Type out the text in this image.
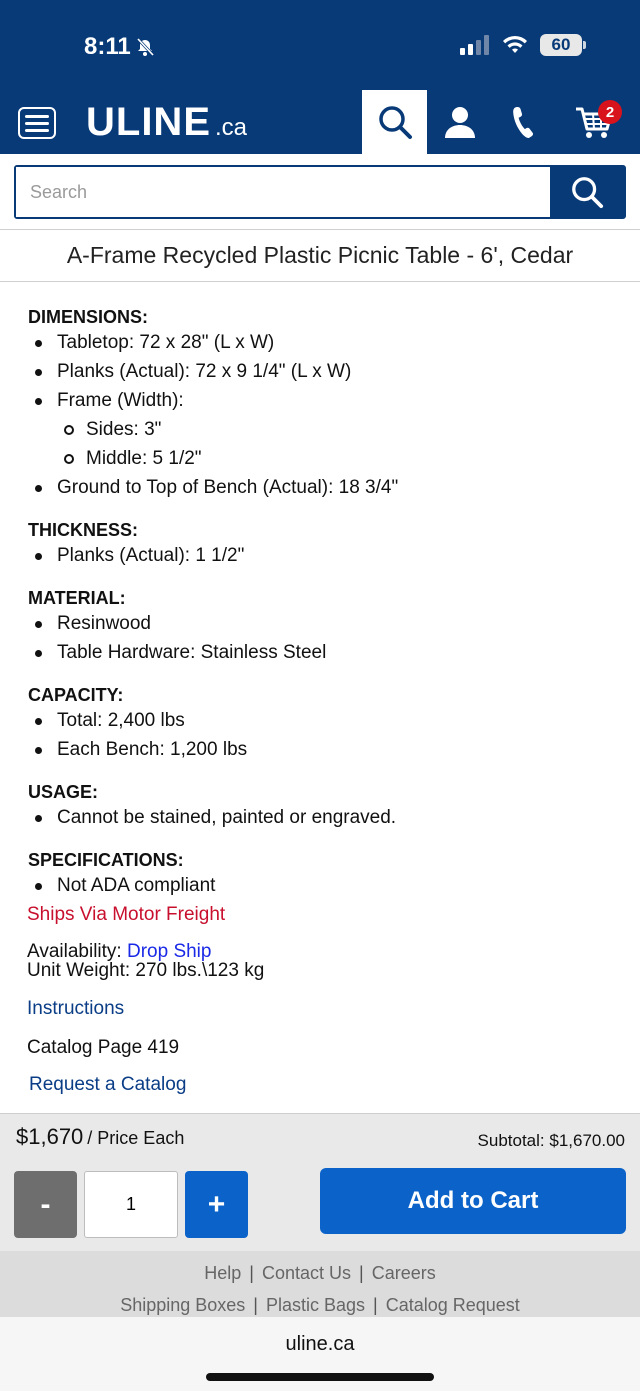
8:11	60
ULINE .ca
2
Search
A-Frame Recycled Plastic Picnic Table - 6', Cedar
DIMENSIONS:
Tabletop: 72 x 28" (L x W)
Planks (Actual): 72 x 9 1/4" (L x W)
Frame (Width):
Sides: 3"
Middle: 5 1/2"
Ground to Top of Bench (Actual): 18 3/4"
THICKNESS:
Planks (Actual): 1 1/2"
MATERIAL:
Resinwood
Table Hardware: Stainless Steel
CAPACITY:
Total: 2,400 lbs
Each Bench: 1,200 lbs
USAGE:
Cannot be stained, painted or engraved.
SPECIFICATIONS:
Not ADA compliant
Ships Via Motor Freight
Availability: Drop Ship
Unit Weight: 270 lbs.\123 kg
Instructions
Catalog Page 419
Request a Catalog
$1,670 / Price Each	Subtotal: $1,670.00
-
1	+	Add to Cart
Help | Contact Us | Careers
Shipping Boxes | Plastic Bags | Catalog Request
uline.ca
